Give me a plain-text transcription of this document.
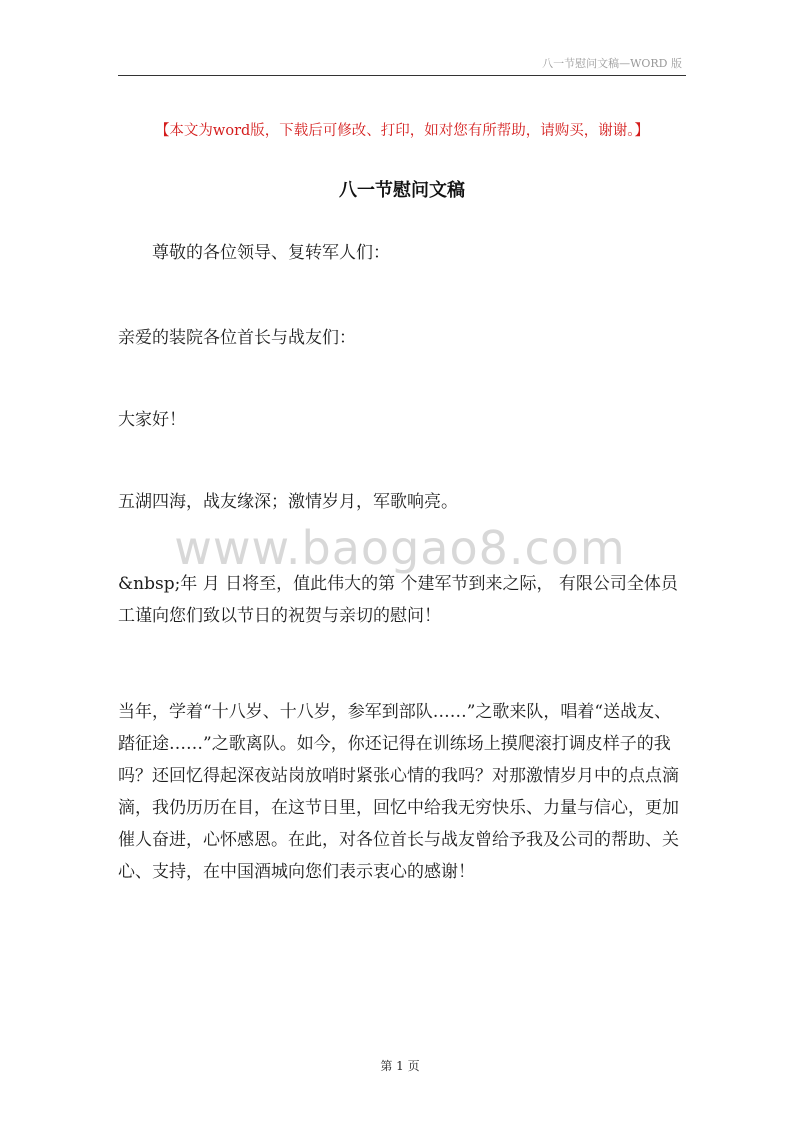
八一节慰问文稿—WORD 版
【本文为word版，下载后可修改、打印，如对您有所帮助，请购买，谢谢。】
八一节慰问文稿
尊敬的各位领导、复转军人们：
亲爱的装院各位首长与战友们：
大家好！
五湖四海，战友缘深；激情岁月，军歌响亮。
www.baogao8.com
&nbsp;年 月 日将至，值此伟大的第 个建军节到来之际， 有限公司全体员工谨向您们致以节日的祝贺与亲切的慰问！
当年，学着“十八岁、十八岁，参军到部队……”之歌来队，唱着“送战友、踏征途……”之歌离队。如今，你还记得在训练场上摸爬滚打调皮样子的我吗？还回忆得起深夜站岗放哨时紧张心情的我吗？对那激情岁月中的点点滴滴，我仍历历在目，在这节日里，回忆中给我无穷快乐、力量与信心，更加催人奋进，心怀感恩。在此，对各位首长与战友曾给予我及公司的帮助、关心、支持，在中国酒城向您们表示衷心的感谢！
第 1 页
